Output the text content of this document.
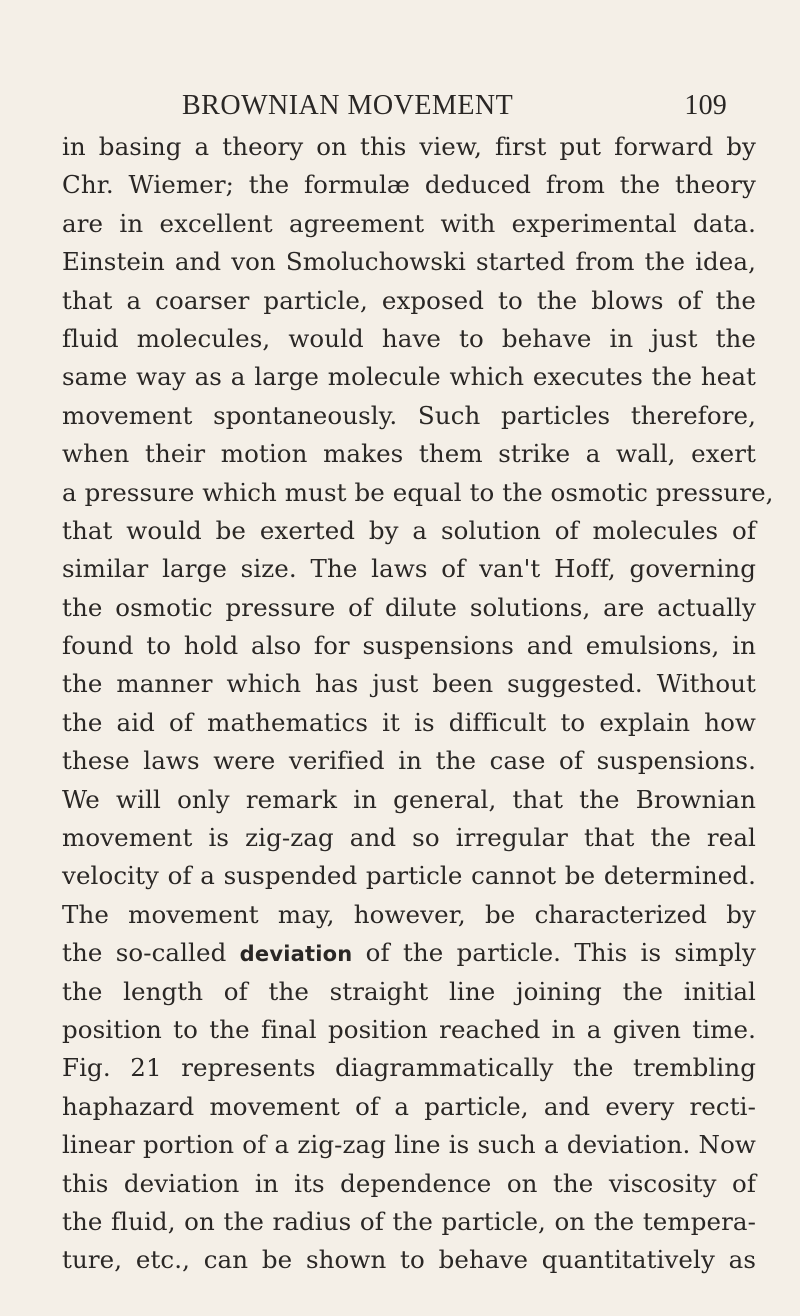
BROWNIAN MOVEMENT	109
in basing a theory on this view, first put forward by
Chr. Wiemer; the formulæ deduced from the theory
are in excellent agreement with experimental data.
Einstein and von Smoluchowski started from the idea,
that a coarser particle, exposed to the blows of the
fluid molecules, would have to behave in just the
same way as a large molecule which executes the heat
movement spontaneously. Such particles therefore,
when their motion makes them strike a wall, exert
a pressure which must be equal to the osmotic pressure,
that would be exerted by a solution of molecules of
similar large size. The laws of van't Hoff, governing
the osmotic pressure of dilute solutions, are actually
found to hold also for suspensions and emulsions, in
the manner which has just been suggested. Without
the aid of mathematics it is difficult to explain how
these laws were verified in the case of suspensions.
We will only remark in general, that the Brownian
movement is zig-zag and so irregular that the real
velocity of a suspended particle cannot be determined.
The movement may, however, be characterized by
the so-called deviation of the particle. This is simply
the length of the straight line joining the initial
position to the final position reached in a given time.
Fig. 21 represents diagrammatically the trembling
haphazard movement of a particle, and every recti-
linear portion of a zig-zag line is such a deviation. Now
this deviation in its dependence on the viscosity of
the fluid, on the radius of the particle, on the tempera-
ture, etc., can be shown to behave quantitatively as
